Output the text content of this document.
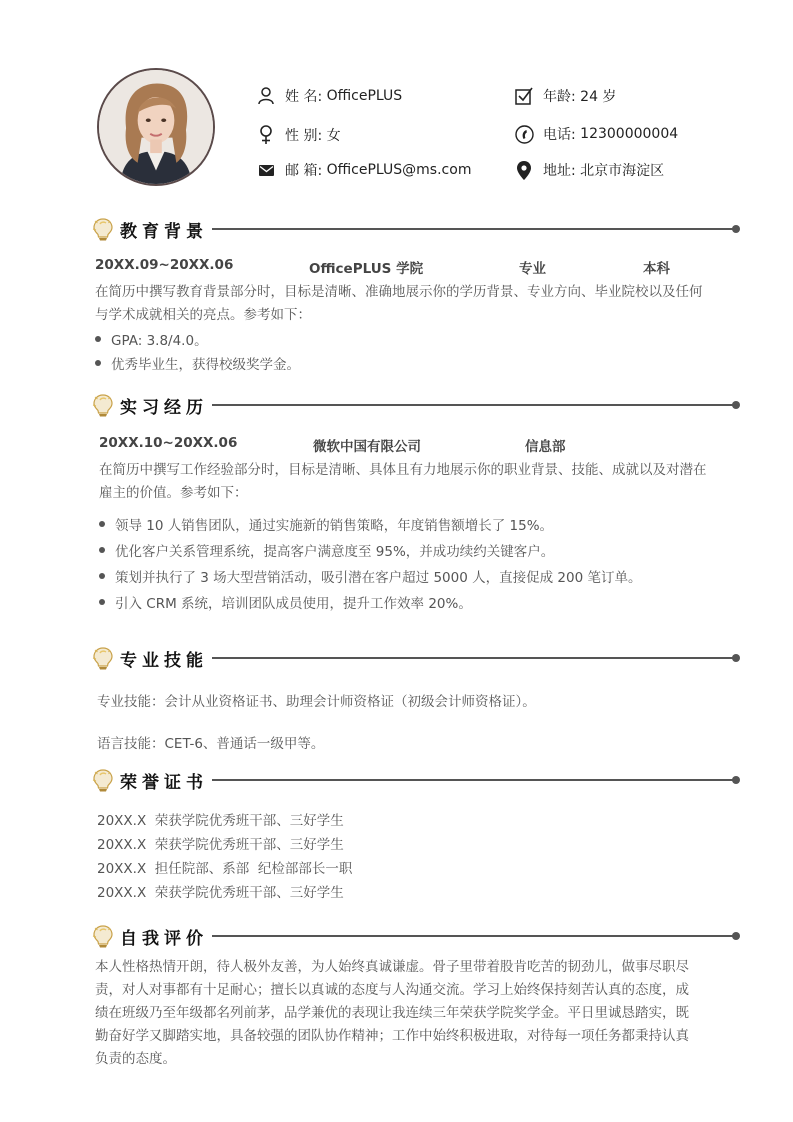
姓 名:
OfficePLUS
性 别:
女
邮 箱:
OfficePLUS@ms.com
年龄:
24 岁
电话:
12300000004
地址:
北京市海淀区
教育背景
20XX.09~20XX.06	OfficePLUS 学院	专业	本科
在简历中撰写教育背景部分时，目标是清晰、准确地展示你的学历背景、专业方向、毕业院校以及任何
与学术成就相关的亮点。参考如下：
GPA: 3.8/4.0。
优秀毕业生，获得校级奖学金。
实习经历
20XX.10~20XX.06	微软中国有限公司	信息部
在简历中撰写工作经验部分时，目标是清晰、具体且有力地展示你的职业背景、技能、成就以及对潜在
雇主的价值。参考如下：
领导 10 人销售团队，通过实施新的销售策略，年度销售额增长了 15%。
优化客户关系管理系统，提高客户满意度至 95%，并成功续约关键客户。
策划并执行了 3 场大型营销活动，吸引潜在客户超过 5000 人，直接促成 200 笔订单。
引入 CRM 系统，培训团队成员使用，提升工作效率 20%。
专业技能
专业技能：会计从业资格证书、助理会计师资格证（初级会计师资格证）。
语言技能：CET-6、普通话一级甲等。
荣誉证书
20XX.X  荣获学院优秀班干部、三好学生
20XX.X  荣获学院优秀班干部、三好学生
20XX.X  担任院部、系部  纪检部部长一职
20XX.X  荣获学院优秀班干部、三好学生
自我评价
本人性格热情开朗，待人极外友善，为人始终真诚谦虚。骨子里带着股肯吃苦的韧劲儿，做事尽职尽
责，对人对事都有十足耐心；擅长以真诚的态度与人沟通交流。学习上始终保持刻苦认真的态度，成
绩在班级乃至年级都名列前茅，品学兼优的表现让我连续三年荣获学院奖学金。平日里诚恳踏实，既
勤奋好学又脚踏实地，具备较强的团队协作精神；工作中始终积极进取，对待每一项任务都秉持认真
负责的态度。
